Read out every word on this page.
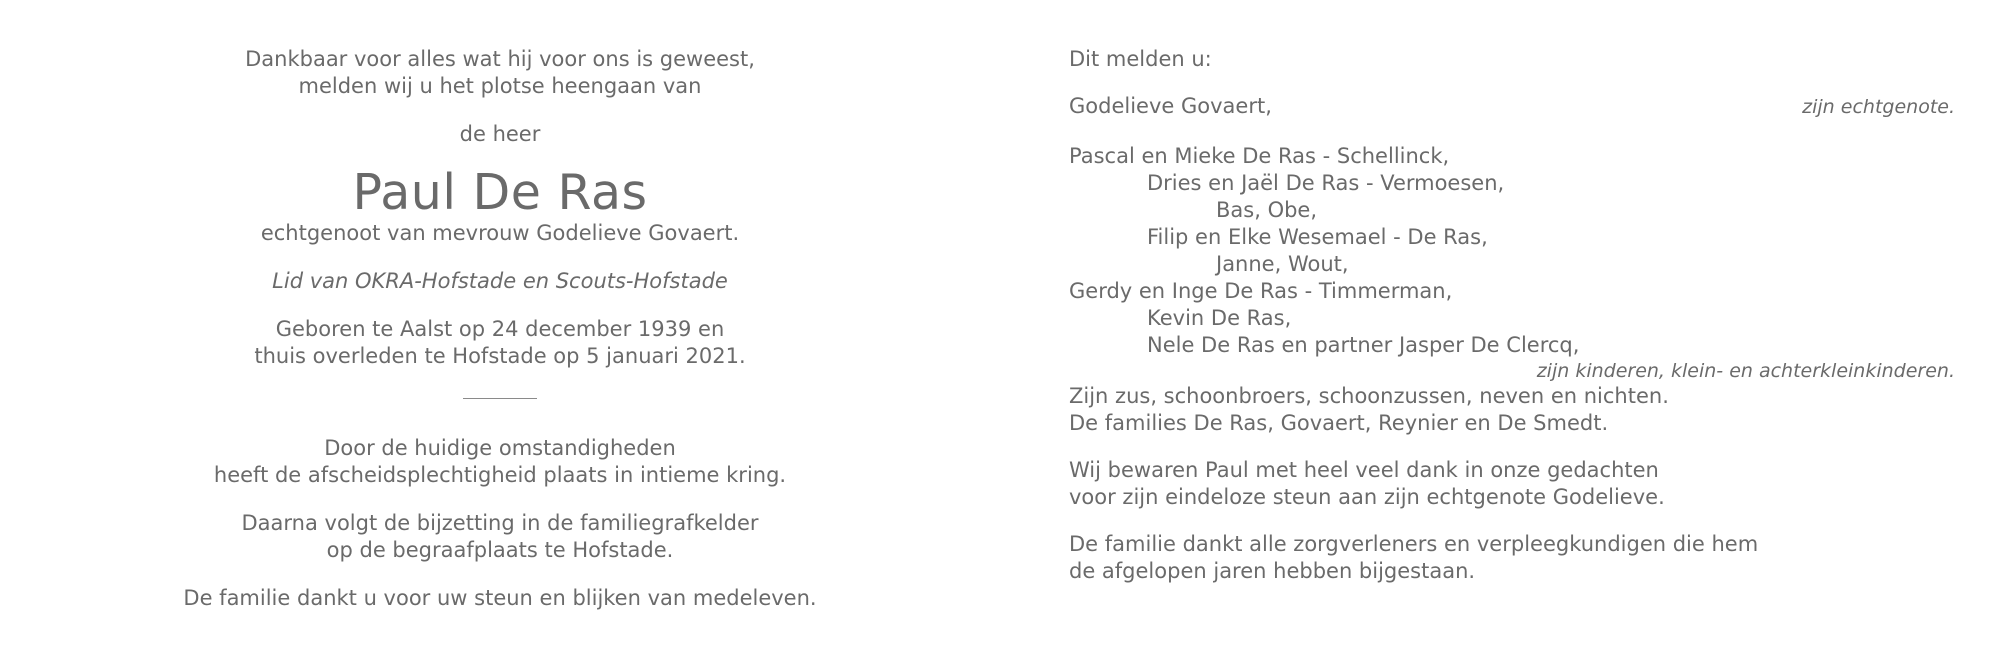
Dankbaar voor alles wat hij voor ons is geweest,

melden wij u het plotse heengaan van

de heer

Paul De Ras

echtgenoot van mevrouw Godelieve Govaert.

Lid van OKRA-Hofstade en Scouts-Hofstade

Geboren te Aalst op 24 december 1939 en

thuis overleden te Hofstade op 5 januari 2021.

Door de huidige omstandigheden

heeft de afscheidsplechtigheid plaats in intieme kring.

Daarna volgt de bijzetting in de familiegrafkelder

op de begraafplaats te Hofstade.

De familie dankt u voor uw steun en blijken van medeleven.

Dit melden u:

Godelieve Govaert,	zijn echtgenote.

Pascal en Mieke De Ras - Schellinck,

Dries en Jaël De Ras - Vermoesen,

Bas, Obe,

Filip en Elke Wesemael - De Ras,

Janne, Wout,

Gerdy en Inge De Ras - Timmerman,

Kevin De Ras,

Nele De Ras en partner Jasper De Clercq,

zijn kinderen, klein- en achterkleinkinderen.

Zijn zus, schoonbroers, schoonzussen, neven en nichten.

De families De Ras, Govaert, Reynier en De Smedt.

Wij bewaren Paul met heel veel dank in onze gedachten

voor zijn eindeloze steun aan zijn echtgenote Godelieve.

De familie dankt alle zorgverleners en verpleegkundigen die hem

de afgelopen jaren hebben bijgestaan.
